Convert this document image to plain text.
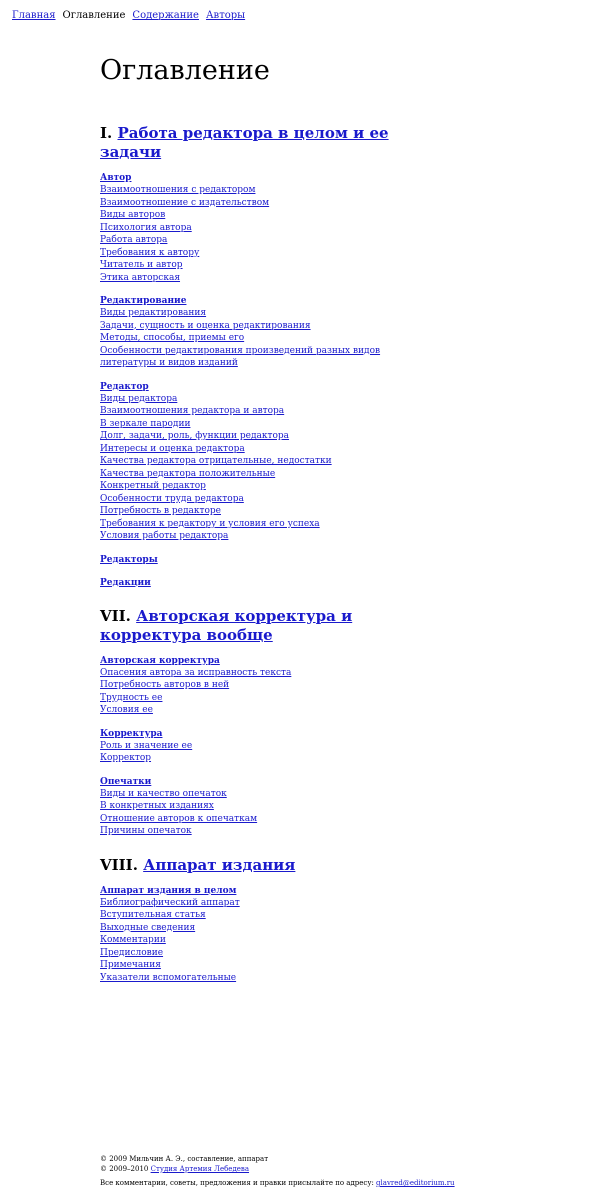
Главная Оглавление Содержание Авторы
Оглавление
I. Работа редактора в целом и ее задачи
Автор
Взаимоотношения с редактором
Взаимоотношение с издательством
Виды авторов
Психология автора
Работа автора
Требования к автору
Читатель и автор
Этика авторская
Редактирование
Виды редактирования
Задачи, сущность и оценка редактирования
Методы, способы, приемы его
Особенности редактирования произведений разных видов литературы и видов изданий
Редактор
Виды редактора
Взаимоотношения редактора и автора
В зеркале пародии
Долг, задачи, роль, функции редактора
Интересы и оценка редактора
Качества редактора отрицательные, недостатки
Качества редактора положительные
Конкретный редактор
Особенности труда редактора
Потребность в редакторе
Требования к редактору и условия его успеха
Условия работы редактора
Редакторы
Редакции
VII. Авторская корректура и корректура вообще
Авторская корректура
Опасения автора за исправность текста
Потребность авторов в ней
Трудность ее
Условия ее
Корректура
Роль и значение ее
Корректор
Опечатки
Виды и качество опечаток
В конкретных изданиях
Отношение авторов к опечаткам
Причины опечаток
VIII. Аппарат издания
Аппарат издания в целом
Библиографический аппарат
Вступительная статья
Выходные сведения
Комментарии
Предисловие
Примечания
Указатели вспомогательные
© 2009 Мильчин А. Э., составление, аппарат
© 2009–2010 Студия Артемия Лебедева
Все комментарии, советы, предложения и правки присылайте по адресу: glavred@editorium.ru
